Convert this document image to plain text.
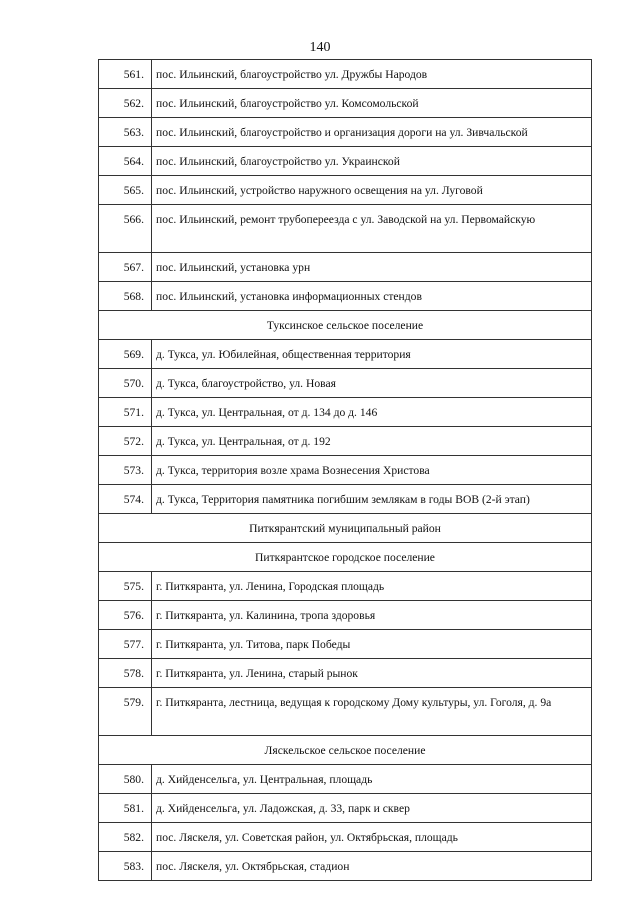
140
561.	пос. Ильинский, благоустройство ул. Дружбы Народов
562.	пос. Ильинский, благоустройство ул. Комсомольской
563.	пос. Ильинский, благоустройство и организация дороги на ул. Зивчальской
564.	пос. Ильинский, благоустройство ул. Украинской
565.	пос. Ильинский, устройство наружного освещения на ул. Луговой
566.	пос. Ильинский, ремонт трубопереезда с ул. Заводской на ул. Первомайскую
567.	пос. Ильинский, установка урн
568.	пос. Ильинский, установка информационных стендов
Туксинское сельское поселение	
569.	д. Тукса, ул. Юбилейная, общественная территория
570.	д. Тукса, благоустройство, ул. Новая
571.	д. Тукса, ул. Центральная, от д. 134 до д. 146
572.	д. Тукса, ул. Центральная, от д. 192
573.	д. Тукса, территория возле храма Вознесения Христова
574.	д. Тукса, Территория памятника погибшим землякам в годы ВОВ (2-й этап)
Питкярантский муниципальный район	
Питкярантское городское поселение	
575.	г. Питкяранта, ул. Ленина, Городская площадь
576.	г. Питкяранта, ул. Калинина, тропа здоровья
577.	г. Питкяранта, ул. Титова, парк Победы
578.	г. Питкяранта, ул. Ленина, старый рынок
579.	г. Питкяранта, лестница, ведущая к городскому Дому культуры, ул. Гоголя, д. 9а
Ляскельское сельское поселение	
580.	д. Хийденсельга, ул. Центральная, площадь
581.	д. Хийденсельга, ул. Ладожская, д. 33, парк и сквер
582.	пос. Ляскеля, ул. Советская район, ул. Октябрьская, площадь
583.	пос. Ляскеля, ул. Октябрьская, стадион
